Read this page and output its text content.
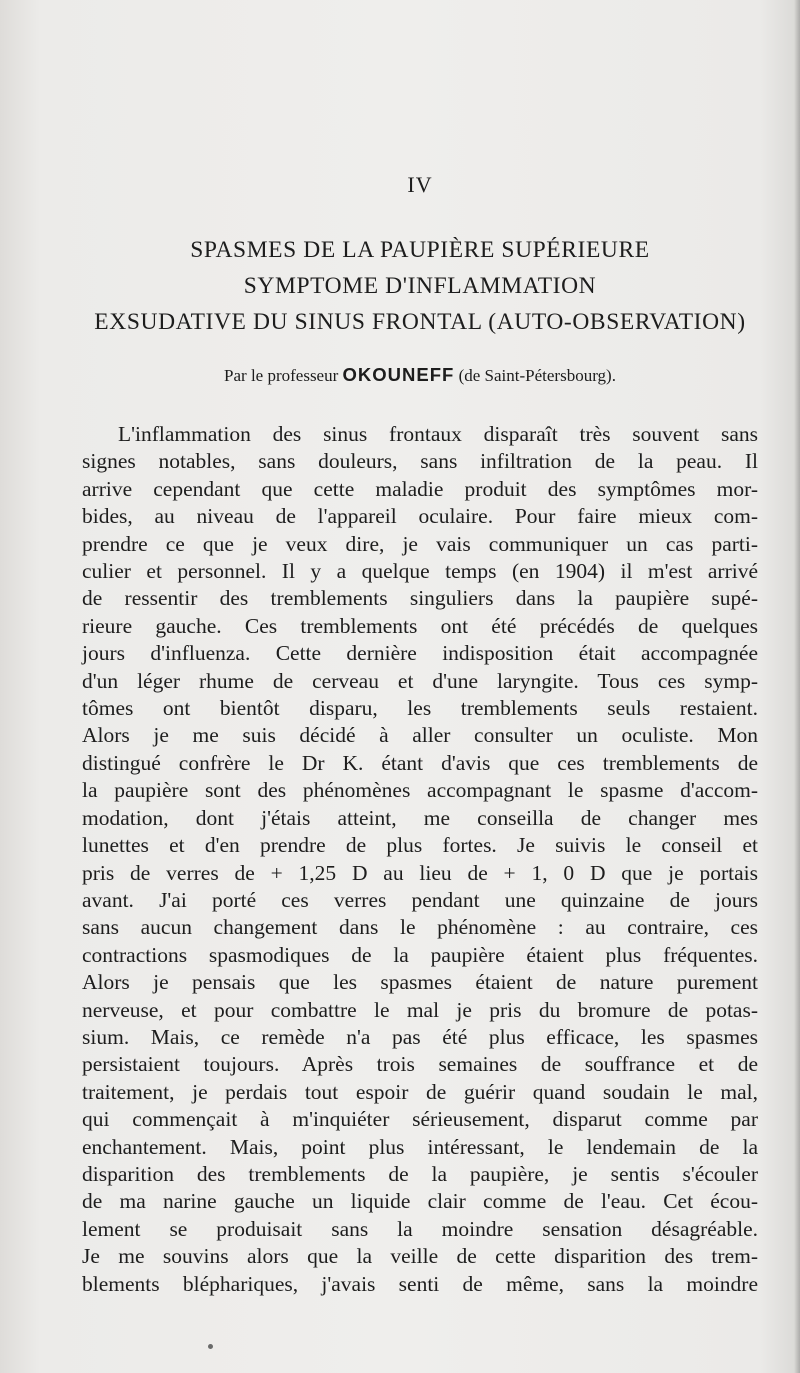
IV
SPASMES DE LA PAUPIÈRE SUPÉRIEURE
SYMPTOME D'INFLAMMATION
EXSUDATIVE DU SINUS FRONTAL (AUTO-OBSERVATION)
Par le professeur OKOUNEFF (de Saint-Pétersbourg).
L'inflammation des sinus frontaux disparaît très souvent sans
signes notables, sans douleurs, sans infiltration de la peau. Il
arrive cependant que cette maladie produit des symptômes mor-
bides, au niveau de l'appareil oculaire. Pour faire mieux com-
prendre ce que je veux dire, je vais communiquer un cas parti-
culier et personnel. Il y a quelque temps (en 1904) il m'est arrivé
de ressentir des tremblements singuliers dans la paupière supé-
rieure gauche. Ces tremblements ont été précédés de quelques
jours d'influenza. Cette dernière indisposition était accompagnée
d'un léger rhume de cerveau et d'une laryngite. Tous ces symp-
tômes ont bientôt disparu, les tremblements seuls restaient.
Alors je me suis décidé à aller consulter un oculiste. Mon
distingué confrère le Dr K. étant d'avis que ces tremblements de
la paupière sont des phénomènes accompagnant le spasme d'accom-
modation, dont j'étais atteint, me conseilla de changer mes
lunettes et d'en prendre de plus fortes. Je suivis le conseil et
pris de verres de + 1,25 D au lieu de + 1, 0 D que je portais
avant. J'ai porté ces verres pendant une quinzaine de jours
sans aucun changement dans le phénomène : au contraire, ces
contractions spasmodiques de la paupière étaient plus fréquentes.
Alors je pensais que les spasmes étaient de nature purement
nerveuse, et pour combattre le mal je pris du bromure de potas-
sium. Mais, ce remède n'a pas été plus efficace, les spasmes
persistaient toujours. Après trois semaines de souffrance et de
traitement, je perdais tout espoir de guérir quand soudain le mal,
qui commençait à m'inquiéter sérieusement, disparut comme par
enchantement. Mais, point plus intéressant, le lendemain de la
disparition des tremblements de la paupière, je sentis s'écouler
de ma narine gauche un liquide clair comme de l'eau. Cet écou-
lement se produisait sans la moindre sensation désagréable.
Je me souvins alors que la veille de cette disparition des trem-
blements bléphariques, j'avais senti de même, sans la moindre
